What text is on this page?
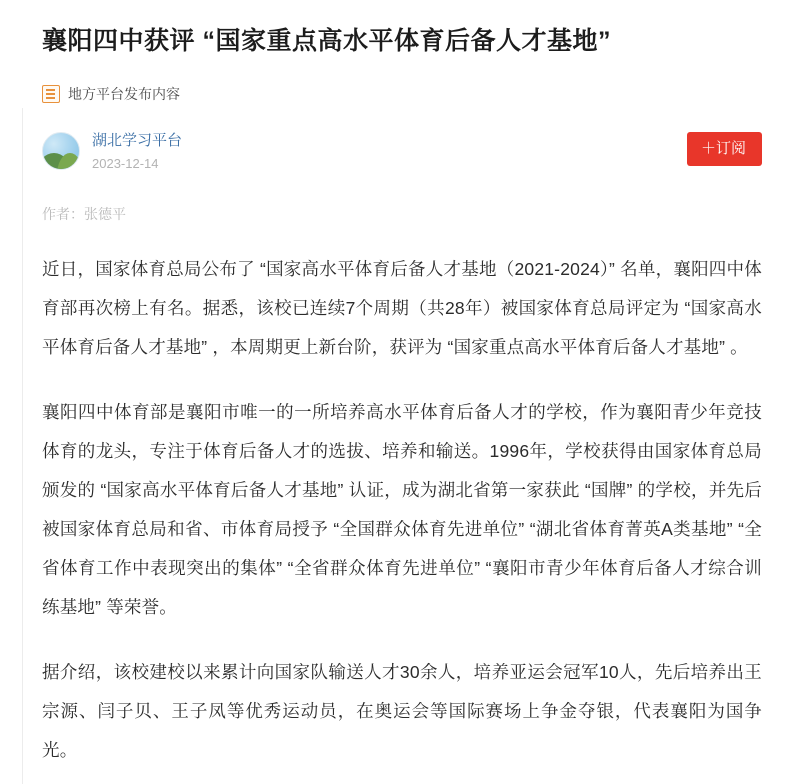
襄阳四中获评 “国家重点高水平体育后备人才基地”
地方平台发布内容
湖北学习平台
2023-12-14
＋订阅
作者：张德平

近日，国家体育总局公布了 “国家高水平体育后备人才基地（2021-2024）” 名单，襄阳四中体育部再次榜上有名。据悉，该校已连续7个周期（共28年）被国家体育总局评定为 “国家高水平体育后备人才基地” ，本周期更上新台阶，获评为 “国家重点高水平体育后备人才基地” 。

襄阳四中体育部是襄阳市唯一的一所培养高水平体育后备人才的学校，作为襄阳青少年竞技体育的龙头，专注于体育后备人才的选拔、培养和输送。1996年，学校获得由国家体育总局颁发的 “国家高水平体育后备人才基地” 认证，成为湖北省第一家获此 “国牌” 的学校，并先后被国家体育总局和省、市体育局授予 “全国群众体育先进单位” “湖北省体育菁英A类基地” “全省体育工作中表现突出的集体” “全省群众体育先进单位” “襄阳市青少年体育后备人才综合训练基地” 等荣誉。

据介绍，该校建校以来累计向国家队输送人才30余人，培养亚运会冠军10人，先后培养出王宗源、闫子贝、王子凤等优秀运动员，在奥运会等国际赛场上争金夺银，代表襄阳为国争光。
